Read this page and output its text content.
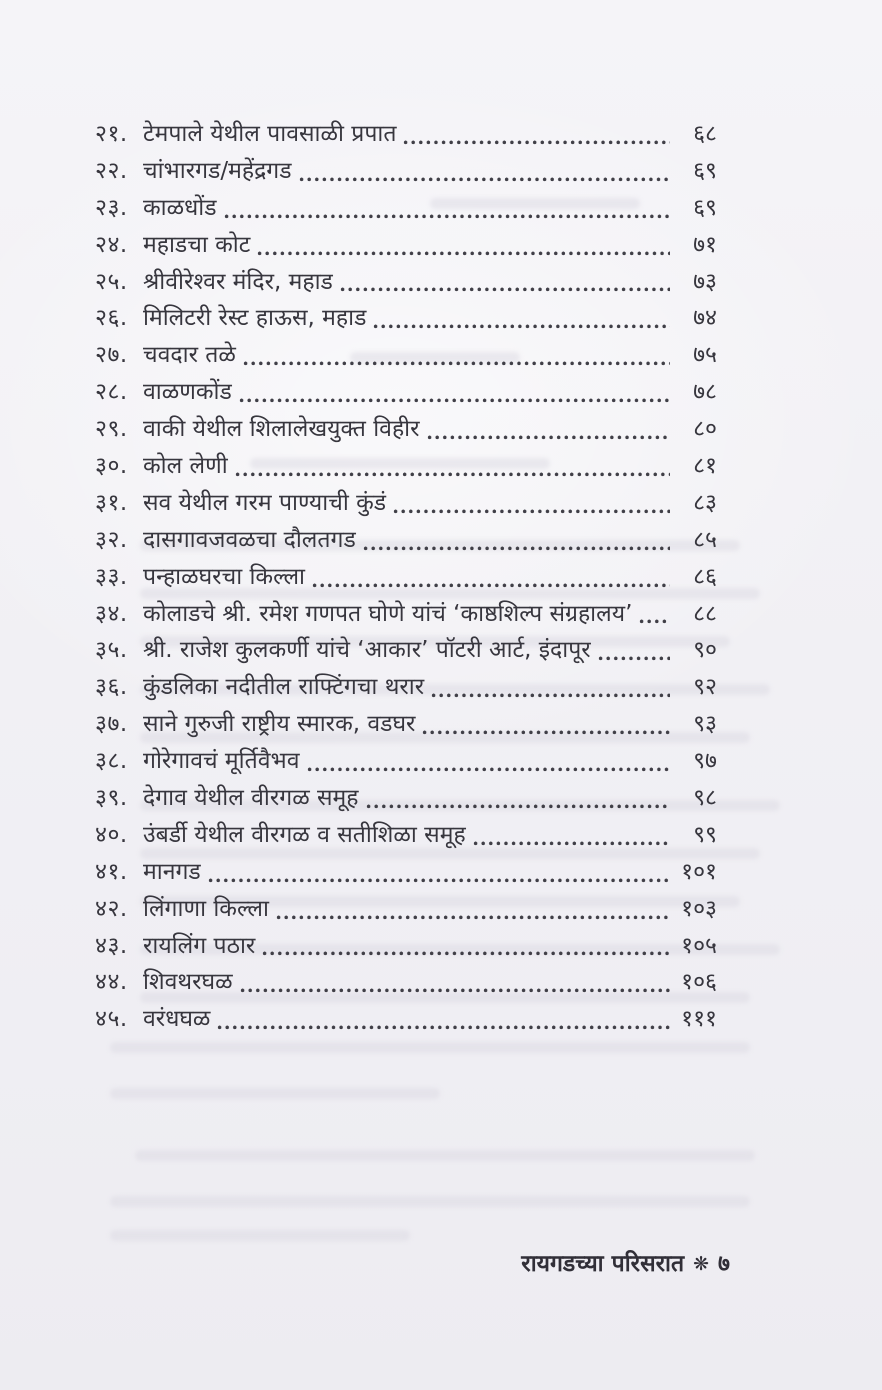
२१. टेमपाले येथील पावसाळी प्रपात	६८
२२. चांभारगड/महेंद्रगड	६९
२३. काळधोंड	६९
२४. महाडचा कोट	७१
२५. श्रीवीरेश्वर मंदिर, महाड	७३
२६. मिलिटरी रेस्ट हाऊस, महाड	७४
२७. चवदार तळे	७५
२८. वाळणकोंड	७८
२९. वाकी येथील शिलालेखयुक्त विहीर	८०
३०. कोल लेणी	८१
३१. सव येथील गरम पाण्याची कुंडं	८३
३२. दासगावजवळचा दौलतगड	८५
३३. पन्हाळघरचा किल्ला	८६
३४. कोलाडचे श्री. रमेश गणपत घोणे यांचं ‘काष्ठशिल्प संग्रहालय’	८८
३५. श्री. राजेश कुलकर्णी यांचे ‘आकार’ पॉटरी आर्ट, इंदापूर	९०
३६. कुंडलिका नदीतील राफ्टिंगचा थरार	९२
३७. साने गुरुजी राष्ट्रीय स्मारक, वडघर	९३
३८. गोरेगावचं मूर्तिवैभव	९७
३९. देगाव येथील वीरगळ समूह	९८
४०. उंबर्डी येथील वीरगळ व सतीशिळा समूह	९९
४१. मानगड	१०१
४२. लिंगाणा किल्ला	१०३
४३. रायलिंग पठार	१०५
४४. शिवथरघळ	१०६
४५. वरंधघळ	१११
रायगडच्या परिसरात ❋ ७
